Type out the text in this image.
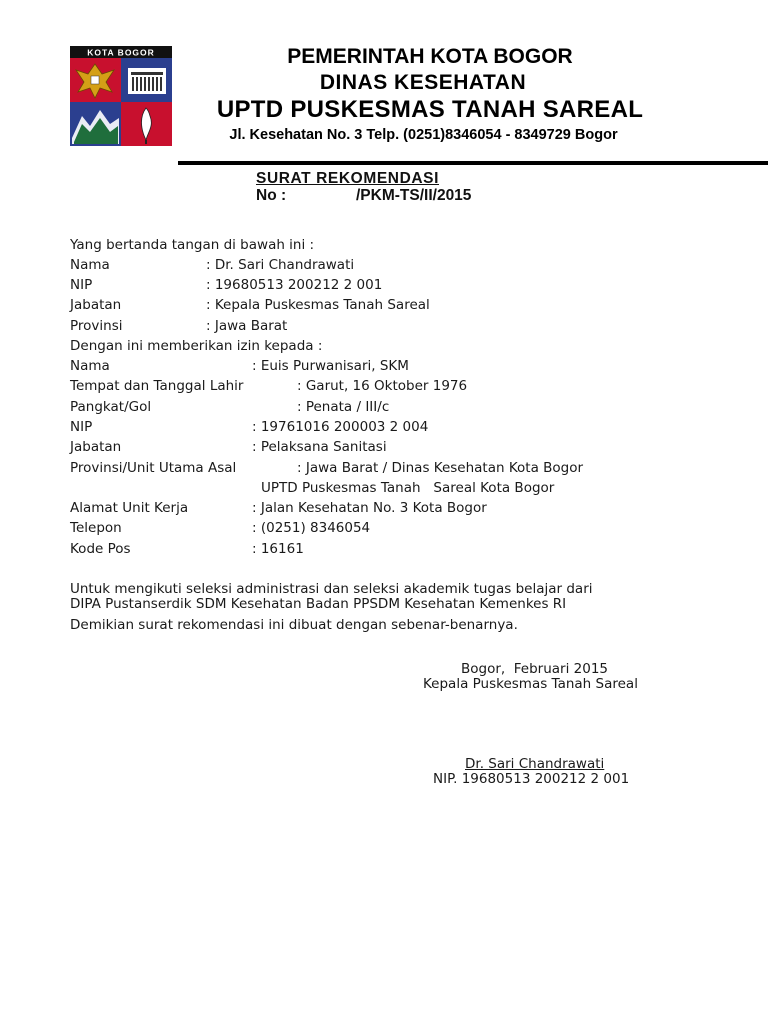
KOTA BOGOR	PEMERINTAH KOTA BOGOR
DINAS KESEHATAN
UPTD PUSKESMAS TANAH SAREAL
Jl. Kesehatan No. 3 Telp. (0251)8346054 - 8349729 Bogor
SURAT REKOMENDASI
No :	/PKM-TS/II/2015
Yang bertanda tangan di bawah ini :
Nama	: Dr. Sari Chandrawati
NIP	: 19680513 200212 2 001
Jabatan	: Kepala Puskesmas Tanah Sareal
Provinsi	: Jawa Barat
Dengan ini memberikan izin kepada :
Nama	: Euis Purwanisari, SKM
Tempat dan Tanggal Lahir	: Garut, 16 Oktober 1976
Pangkat/Gol	: Penata / III/c
NIP	: 19761016 200003 2 004
Jabatan	: Pelaksana Sanitasi
Provinsi/Unit Utama Asal	: Jawa Barat / Dinas Kesehatan Kota Bogor
UPTD Puskesmas Tanah   Sareal Kota Bogor
Alamat Unit Kerja	: Jalan Kesehatan No. 3 Kota Bogor
Telepon	: (0251) 8346054
Kode Pos	: 16161
Untuk mengikuti seleksi administrasi dan seleksi akademik tugas belajar dari
DIPA Pustanserdik SDM Kesehatan Badan PPSDM Kesehatan Kemenkes RI
Demikian surat rekomendasi ini dibuat dengan sebenar-benarnya.
Bogor,  Februari 2015
Kepala Puskesmas Tanah Sareal
Dr. Sari Chandrawati
NIP. 19680513 200212 2 001
